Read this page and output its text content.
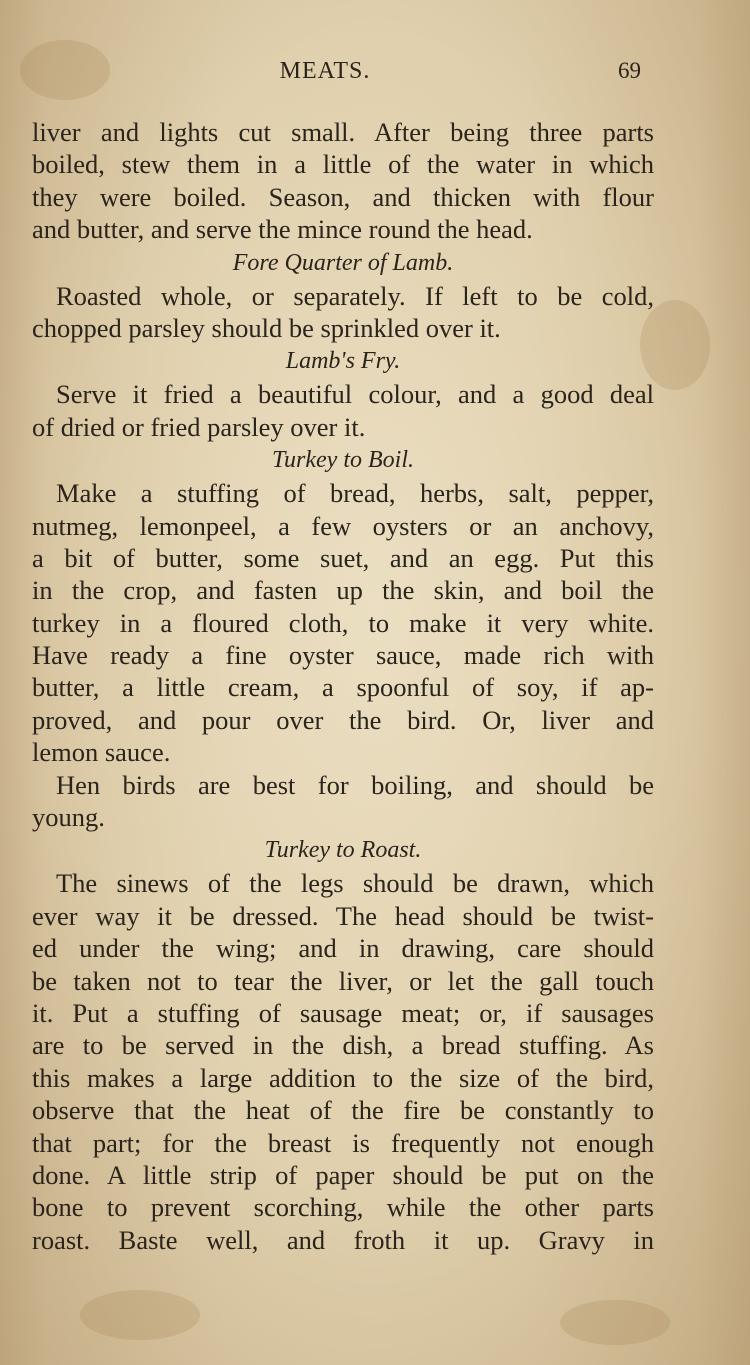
MEATS.	69
liver and lights cut small. After being three parts
boiled, stew them in a little of the water in which
they were boiled. Season, and thicken with flour
and butter, and serve the mince round the head.
Fore Quarter of Lamb.
Roasted whole, or separately. If left to be cold,
chopped parsley should be sprinkled over it.
Lamb's Fry.
Serve it fried a beautiful colour, and a good deal
of dried or fried parsley over it.
Turkey to Boil.
Make a stuffing of bread, herbs, salt, pepper,
nutmeg, lemonpeel, a few oysters or an anchovy,
a bit of butter, some suet, and an egg. Put this
in the crop, and fasten up the skin, and boil the
turkey in a floured cloth, to make it very white.
Have ready a fine oyster sauce, made rich with
butter, a little cream, a spoonful of soy, if ap-
proved, and pour over the bird. Or, liver and
lemon sauce.
Hen birds are best for boiling, and should be
young.
Turkey to Roast.
The sinews of the legs should be drawn, which
ever way it be dressed. The head should be twist-
ed under the wing; and in drawing, care should
be taken not to tear the liver, or let the gall touch
it. Put a stuffing of sausage meat; or, if sausages
are to be served in the dish, a bread stuffing. As
this makes a large addition to the size of the bird,
observe that the heat of the fire be constantly to
that part; for the breast is frequently not enough
done. A little strip of paper should be put on the
bone to prevent scorching, while the other parts
roast. Baste well, and froth it up. Gravy in
